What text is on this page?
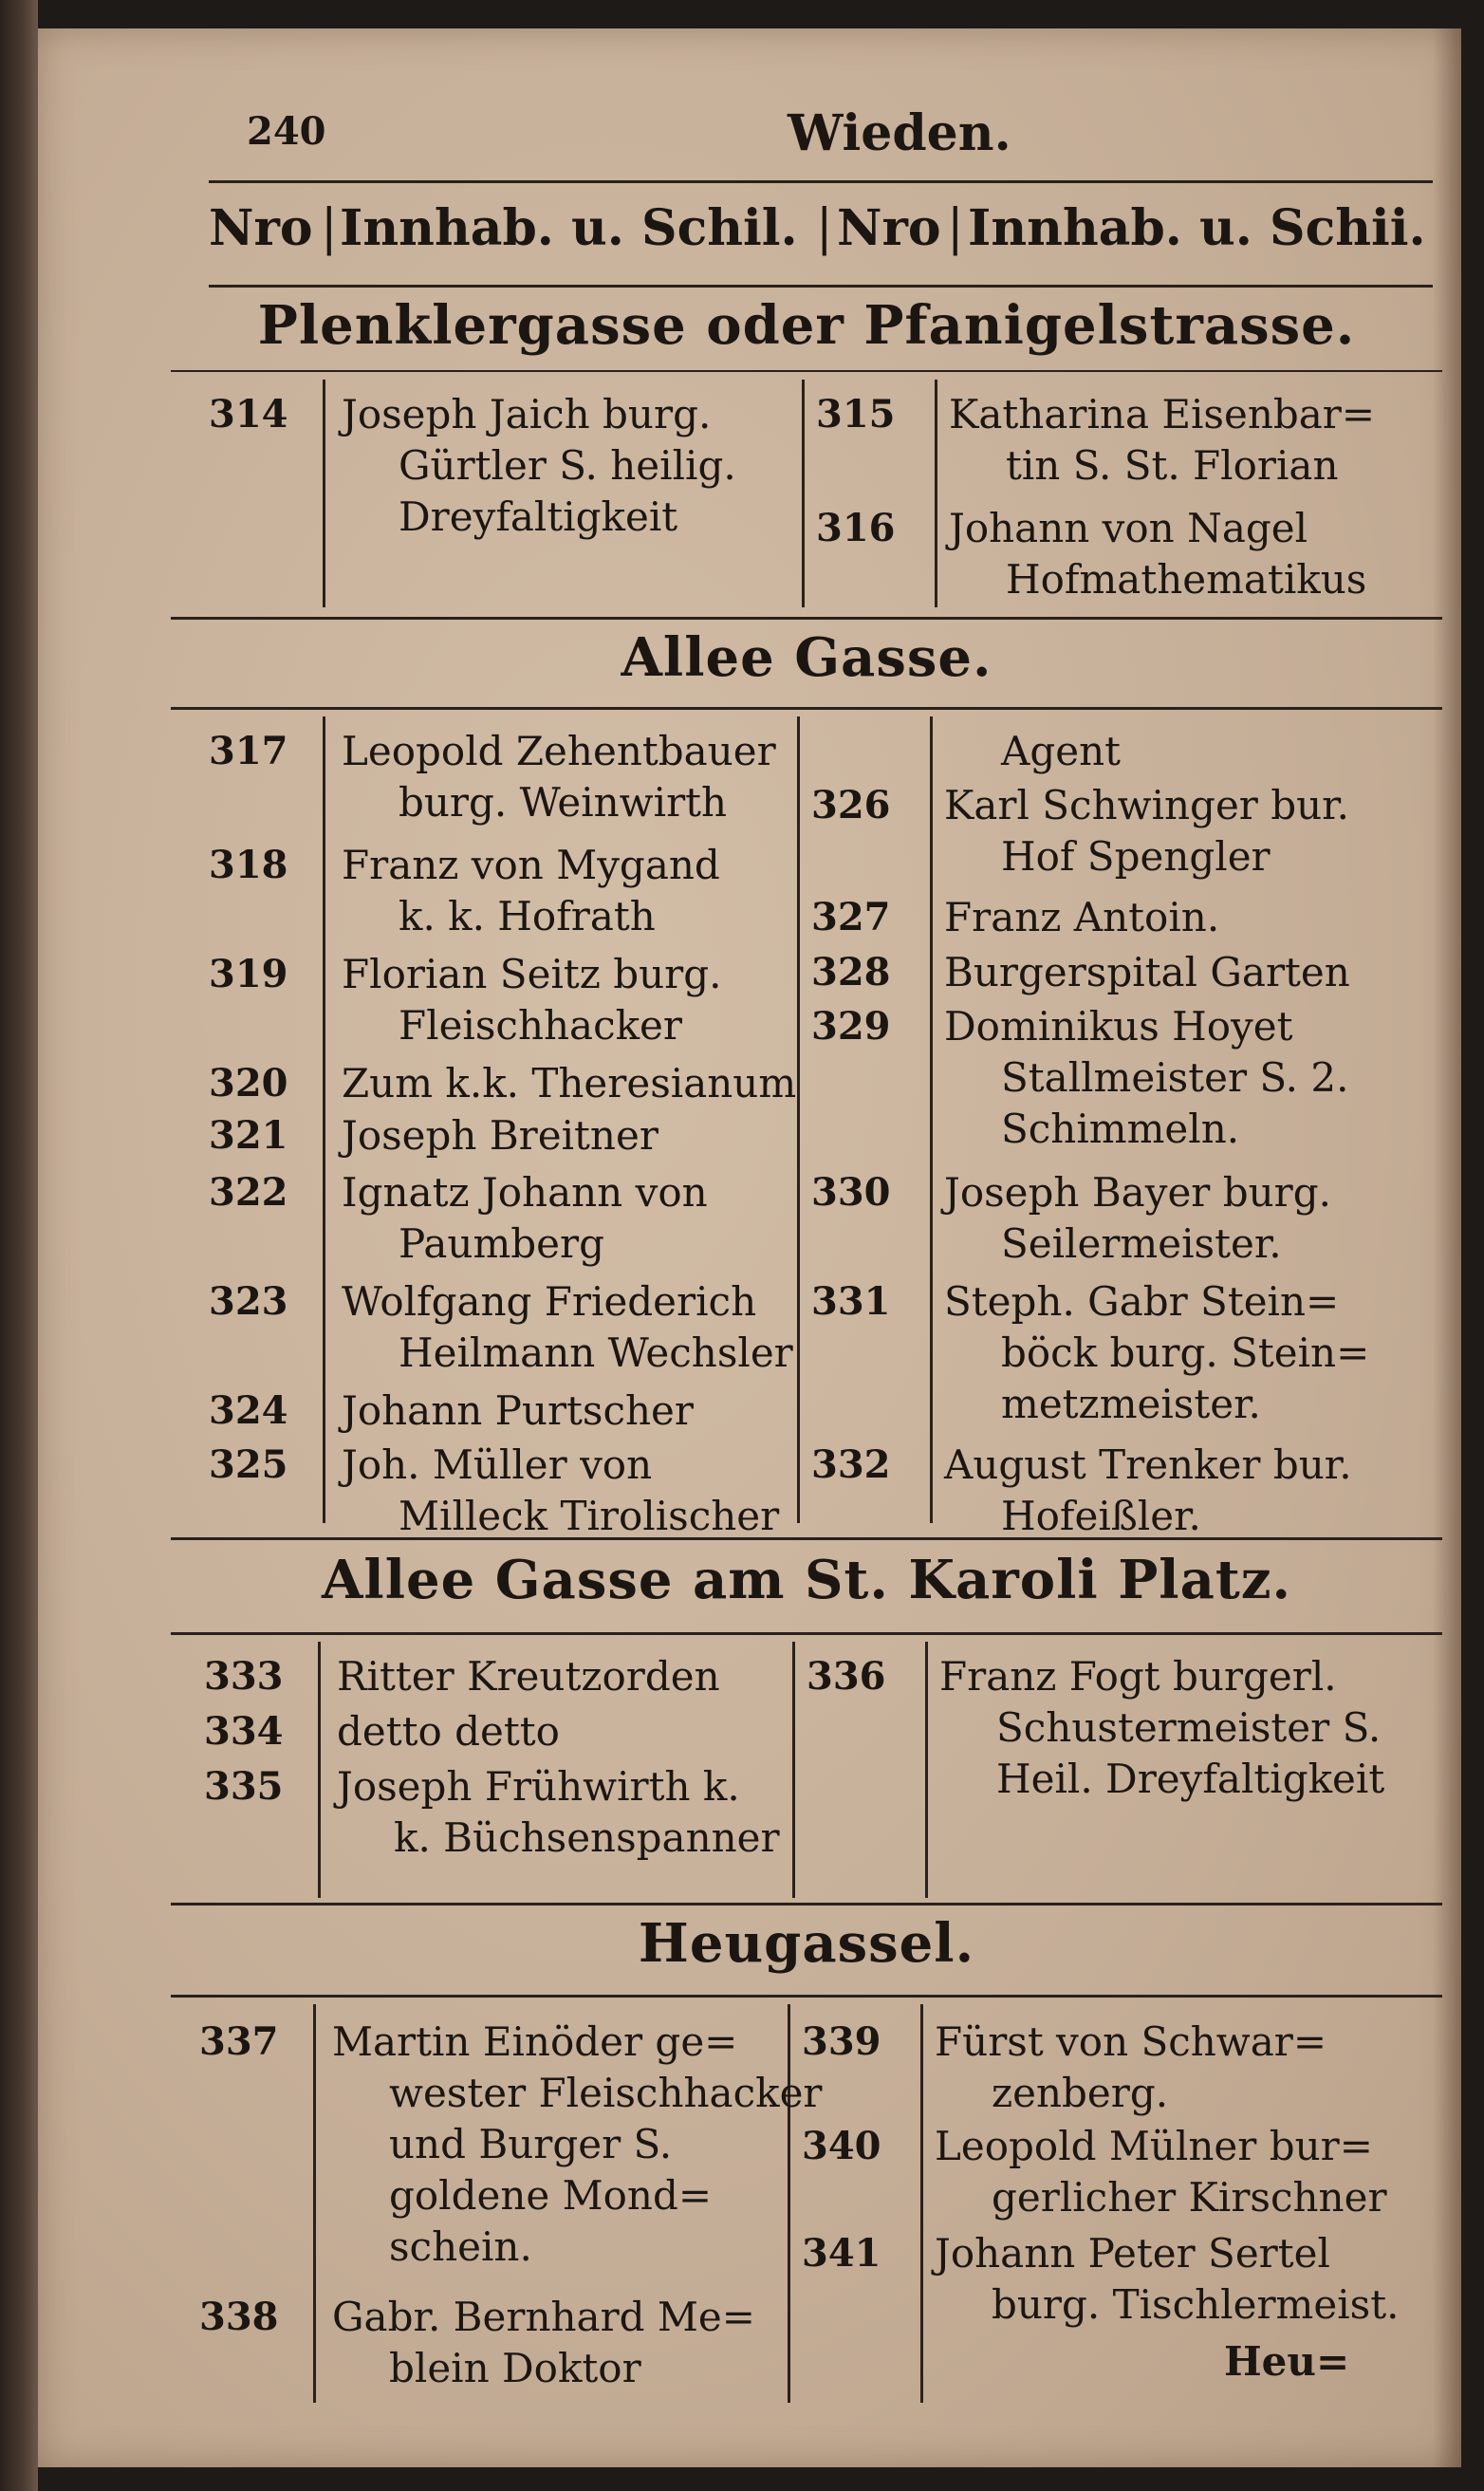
240	Wieden.
Nro | Innhab. u. Schil. | Nro | Innhab. u. Schii.
Plenklergasse oder Pfanigelstrasse.
314 Joseph Jaich burg.
Gürtler S. heilig.
Dreyfaltigkeit
315 Katharina Eisenbar=
tin S. St. Florian
316 Johann von Nagel
Hofmathematikus
Allee Gasse.
317 Leopold Zehentbauer
burg. Weinwirth
318 Franz von Mygand
k. k. Hofrath
319 Florian Seitz burg.
Fleischhacker
320 Zum k.k. Theresianum
321 Joseph Breitner
322 Ignatz Johann von
Paumberg
323 Wolfgang Friederich
Heilmann Wechsler
324 Johann Purtscher
325 Joh. Müller von
Milleck Tirolischer
Agent
326 Karl Schwinger bur.
Hof Spengler
327 Franz Antoin.
328 Burgerspital Garten
329 Dominikus Hoyet
Stallmeister S. 2.
Schimmeln.
330 Joseph Bayer burg.
Seilermeister.
331 Steph. Gabr Stein=
böck burg. Stein=
metzmeister.
332 August Trenker bur.
Hofeißler.
Allee Gasse am St. Karoli Platz.
333 Ritter Kreutzorden
334 detto detto
335 Joseph Frühwirth k.
k. Büchsenspanner
336 Franz Fogt burgerl.
Schustermeister S.
Heil. Dreyfaltigkeit
Heugassel.
337 Martin Einöder ge=
wester Fleischhacker
und Burger S.
goldene Mond=
schein.
338 Gabr. Bernhard Me=
blein Doktor
339 Fürst von Schwar=
zenberg.
340 Leopold Mülner bur=
gerlicher Kirschner
341 Johann Peter Sertel
burg. Tischlermeist.
Heu=
